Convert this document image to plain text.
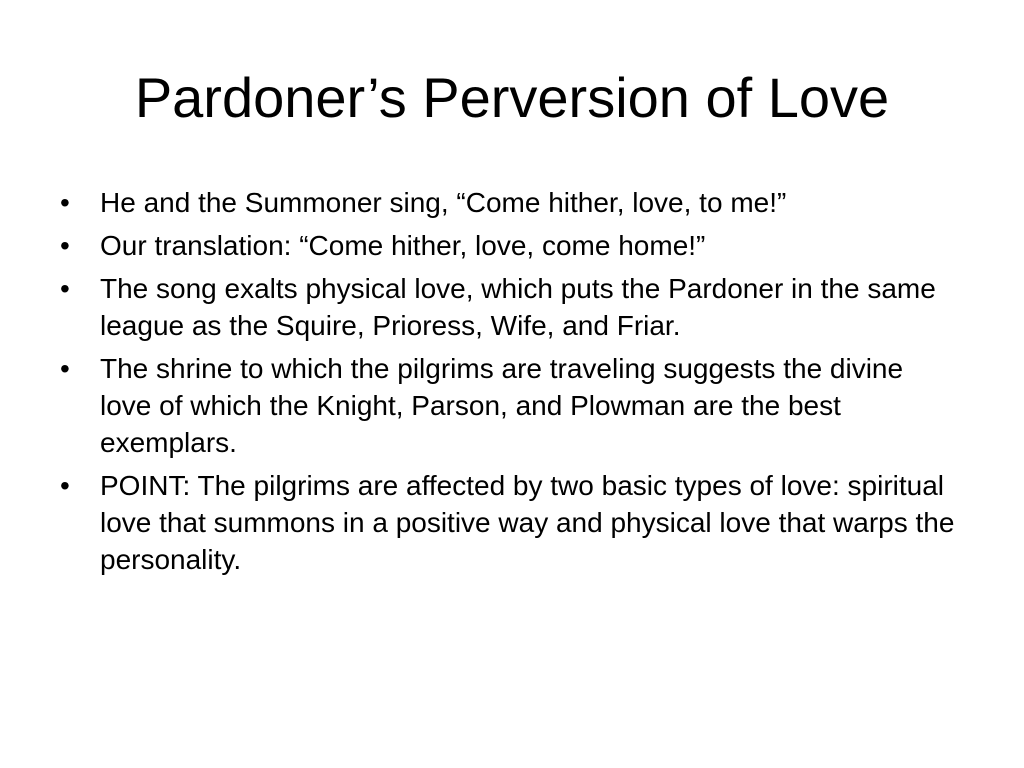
Pardoner’s Perversion of Love
• He and the Summoner sing, “Come hither, love, to me!”
• Our translation: “Come hither, love, come home!”
• The song exalts physical love, which puts the Pardoner in the same league as the Squire, Prioress, Wife, and Friar.
• The shrine to which the pilgrims are traveling suggests the divine love of which the Knight, Parson, and Plowman are the best exemplars.
• POINT: The pilgrims are affected by two basic types of love: spiritual love that summons in a positive way and physical love that warps the personality.
